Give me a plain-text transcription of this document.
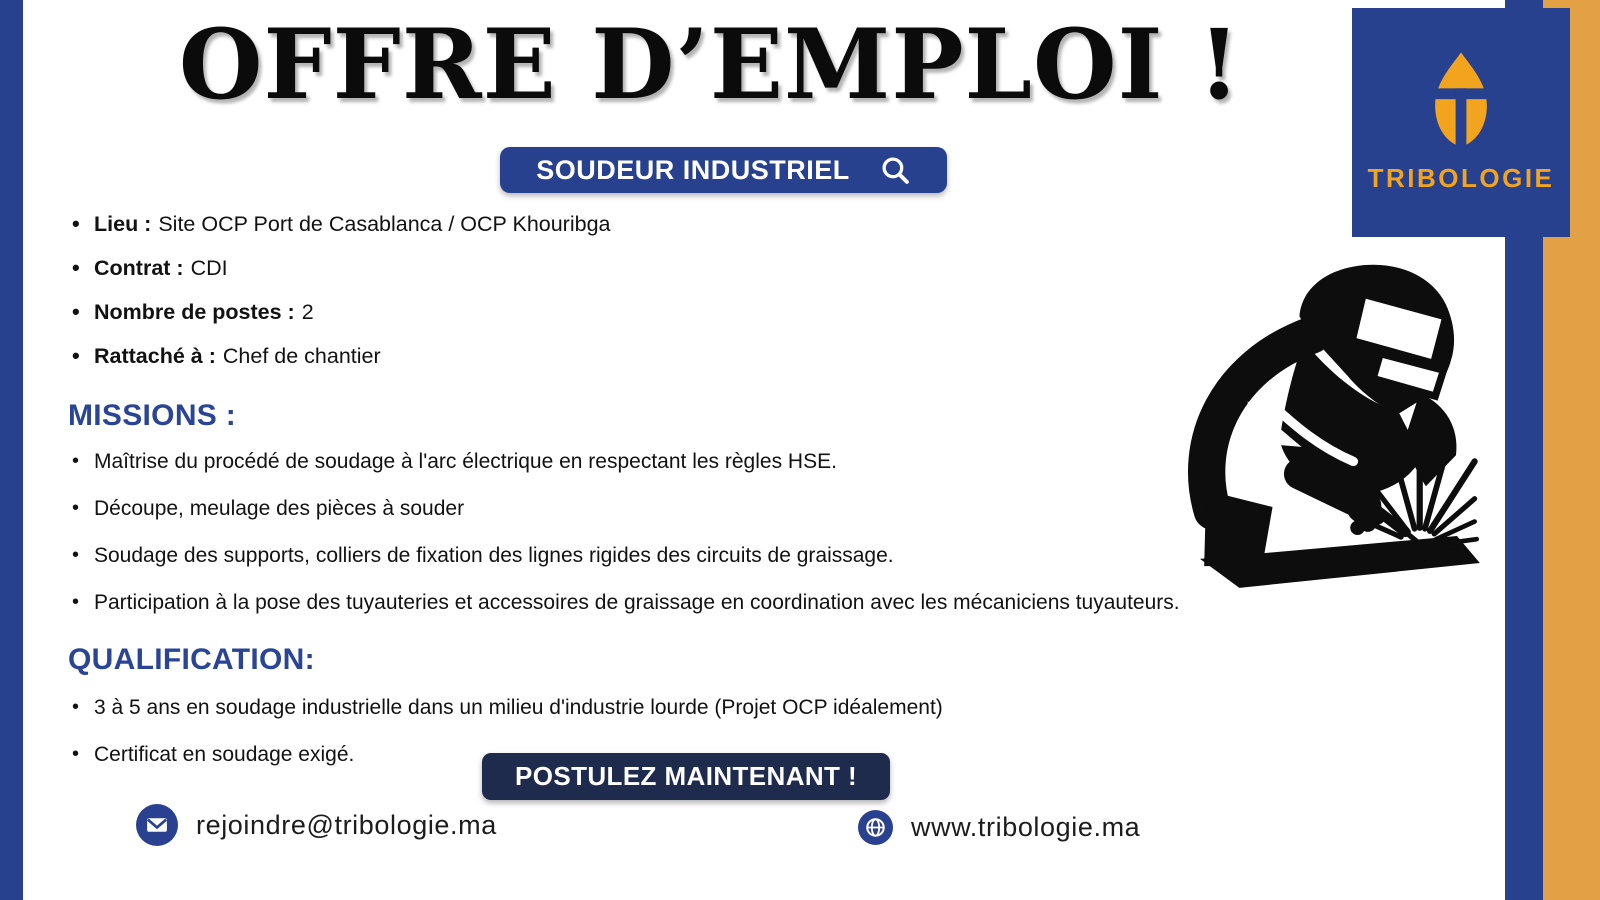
TRIBOLOGIE
OFFRE D’EMPLOI !
SOUDEUR INDUSTRIEL
• Lieu : Site OCP Port de Casablanca / OCP Khouribga
• Contrat : CDI
• Nombre de postes : 2
• Rattaché à : Chef de chantier
MISSIONS :
• Maîtrise du procédé de soudage à l'arc électrique en respectant les règles HSE.
• Découpe, meulage des pièces à souder
• Soudage des supports, colliers de fixation des lignes rigides des circuits de graissage.
• Participation à la pose des tuyauteries et accessoires de graissage en coordination avec les mécaniciens tuyauteurs.
QUALIFICATION:
• 3 à 5 ans en soudage industrielle dans un milieu d'industrie lourde (Projet OCP idéalement)
• Certificat en soudage exigé.
POSTULEZ MAINTENANT !
rejoindre@tribologie.ma	www.tribologie.ma
